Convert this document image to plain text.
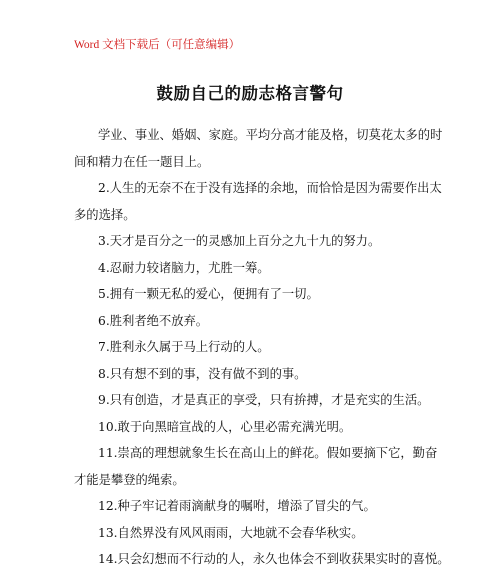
Word 文档下载后（可任意编辑）
鼓励自己的励志格言警句

学业、事业、婚姻、家庭。平均分高才能及格，切莫花太多的时
间和精力在任一题目上。

2.人生的无奈不在于没有选择的余地，而恰恰是因为需要作出太
多的选择。

3.天才是百分之一的灵感加上百分之九十九的努力。

4.忍耐力较诸脑力，尤胜一筹。

5.拥有一颗无私的爱心，便拥有了一切。

6.胜利者绝不放弃。

7.胜利永久属于马上行动的人。

8.只有想不到的事，没有做不到的事。

9.只有创造，才是真正的享受，只有拚搏，才是充实的生活。

10.敢于向黑暗宣战的人，心里必需充满光明。

11.崇高的理想就象生长在高山上的鲜花。假如要摘下它，勤奋
才能是攀登的绳索。

12.种子牢记着雨滴献身的嘱咐，增添了冒尖的气。

13.自然界没有风风雨雨，大地就不会春华秋实。

14.只会幻想而不行动的人，永久也体会不到收获果实时的喜悦。
